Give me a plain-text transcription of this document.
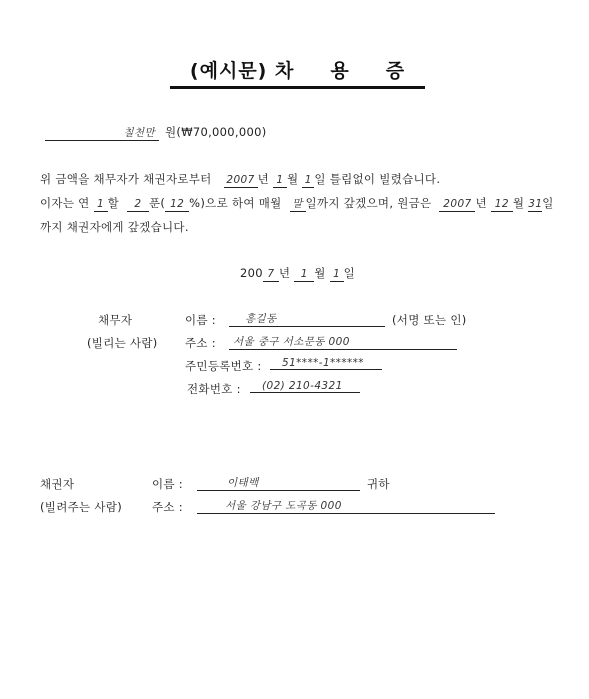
(예시문) 차 용 증
칠천만 원(₩70,000,000)
위 금액을 채무자가 채권자로부터 2007 년 1 월 1 일 틀림없이 빌렸습니다.
이자는 연 1 할 2 푼( 12 %)으로 하여 매월 말 일까지 갚겠으며, 원금은 2007 년 12 월 31일
까지 채권자에게 갚겠습니다.
200 7 년 1 월 1 일
채무자
(빌리는 사람)
이름 :	홍길동	(서명 또는 인)
주소 :	서울 중구 서소문동 000
주민등록번호 :	51****-1******
전화번호 :	(02) 210-4321
채권자
(빌려주는 사람)
이름 :	이태백	귀하
주소 :	서울 강남구 도곡동 000
